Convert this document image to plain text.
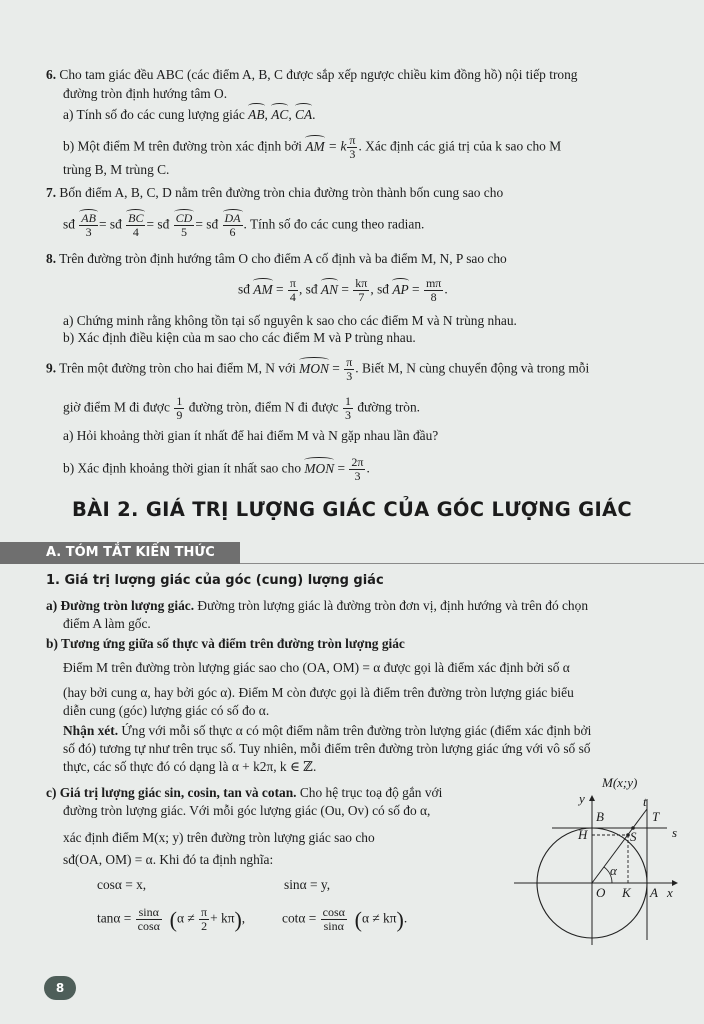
6. Cho tam giác đều ABC (các điểm A, B, C được sắp xếp ngược chiều kim đồng hồ) nội tiếp trong
đường tròn định hướng tâm O.
a) Tính số đo các cung lượng giác AB, AC, CA.
b) Một điểm M trên đường tròn xác định bởi AM = k $\frac{\pi}{3}$ . Xác định các giá trị của k sao cho M
trùng B, M trùng C.
7. Bốn điểm A, B, C, D nằm trên đường tròn chia đường tròn thành bốn cung sao cho
sđ $\frac{AB}{3}$ = sđ $\frac{BC}{4}$ = sđ $\frac{CD}{5}$ = sđ $\frac{DA}{6}$ . Tính số đo các cung theo radian.
8. Trên đường tròn định hướng tâm O cho điểm A cố định và ba điểm M, N, P sao cho
sđ AM = $\frac{\pi}{4}$ , sđ AN = $\frac{k\pi}{7}$ , sđ AP = $\frac{m\pi}{8}$ .
a) Chứng minh rằng không tồn tại số nguyên k sao cho các điểm M và N trùng nhau.
b) Xác định điều kiện của m sao cho các điểm M và P trùng nhau.
9. Trên một đường tròn cho hai điểm M, N với MON = $\frac{\pi}{3}$ . Biết M, N cùng chuyển động và trong mỗi
giờ điểm M đi được $\frac{1}{9}$ đường tròn, điểm N đi được $\frac{1}{3}$ đường tròn.
a) Hỏi khoảng thời gian ít nhất để hai điểm M và N gặp nhau lần đầu?
b) Xác định khoảng thời gian ít nhất sao cho MON = $\frac{2\pi}{3}$ .
BÀI 2. GIÁ TRỊ LƯỢNG GIÁC CỦA GÓC LƯỢNG GIÁC
A. TÓM TẮT KIẾN THỨC
1. Giá trị lượng giác của góc (cung) lượng giác
a) Đường tròn lượng giác. Đường tròn lượng giác là đường tròn đơn vị, định hướng và trên đó chọn
điểm A làm gốc.
b) Tương ứng giữa số thực và điểm trên đường tròn lượng giác
Điểm M trên đường tròn lượng giác sao cho (OA, OM) = α được gọi là điểm xác định bởi số α
(hay bởi cung α, hay bởi góc α). Điểm M còn được gọi là điểm trên đường tròn lượng giác biểu
diễn cung (góc) lượng giác có số đo α.
Nhận xét. Ứng với mỗi số thực α có một điểm nằm trên đường tròn lượng giác (điểm xác định bởi
số đó) tương tự như trên trục số. Tuy nhiên, mỗi điểm trên đường tròn lượng giác ứng với vô số số
thực, các số thực đó có dạng là α + k2π, k ∈ ℤ.
c) Giá trị lượng giác sin, cosin, tan và cotan. Cho hệ trục toạ độ gắn với
đường tròn lượng giác. Với mỗi góc lượng giác (Ou, Ov) có số đo α,
xác định điểm M(x; y) trên đường tròn lượng giác sao cho
sđ(OA, OM) = α. Khi đó ta định nghĩa:
cosα = x,	sinα = y,
$\tan\alpha = \frac{\sin\alpha}{\cos\alpha} (\alpha \ne \frac{\pi}{2} + k\pi)$,	$\cot\alpha = \frac{\cos\alpha}{\sin\alpha} (\alpha \ne k\pi)$.
M(x;y)
y
B
t
T
s
H	S
α
O K A x
8
